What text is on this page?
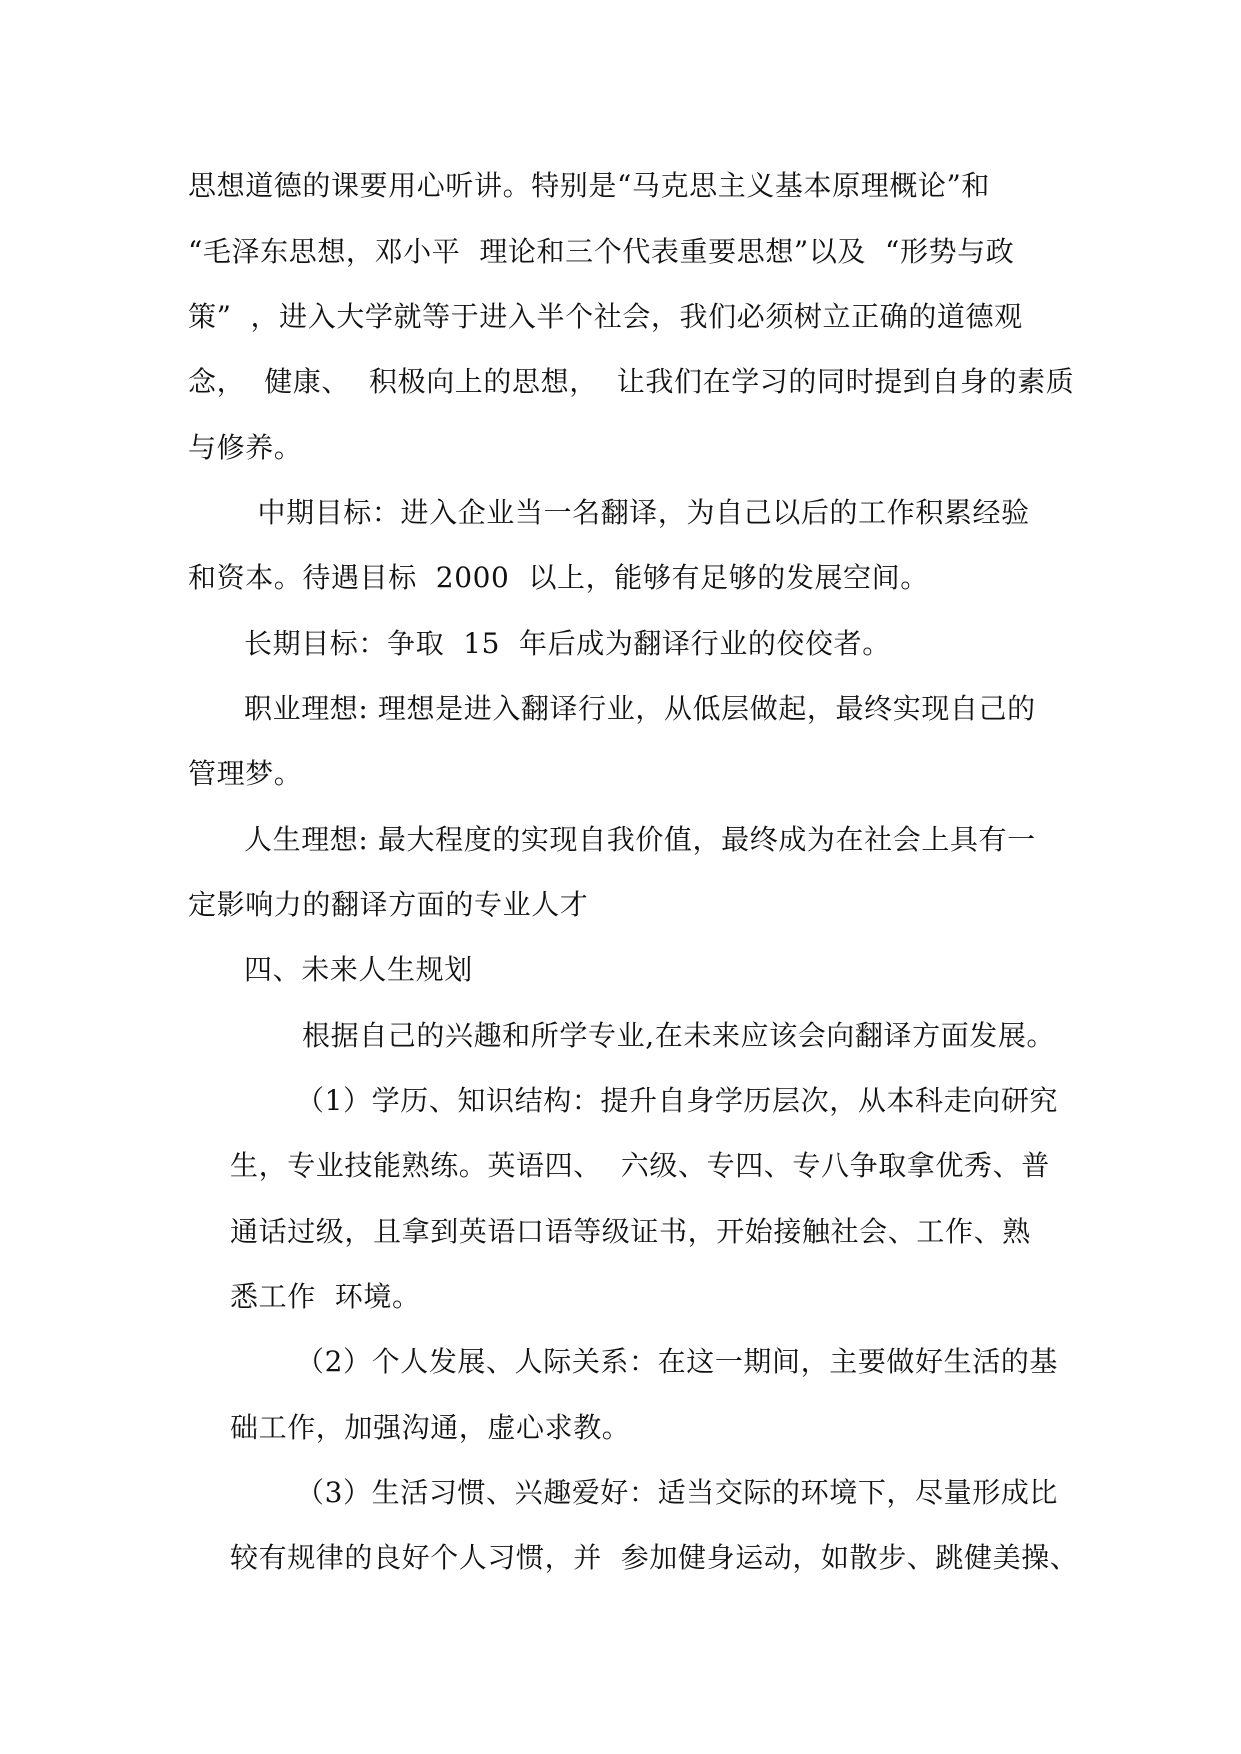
思想道德的课要用心听讲。特别是“马克思主义基本原理概论”和
“毛泽东思想，邓小平  理论和三个代表重要思想”以及  “形势与政
策”  ，进入大学就等于进入半个社会，我们必须树立正确的道德观
念，  健康、  积极向上的思想，  让我们在学习的同时提到自身的素质
与修养。
中期目标：进入企业当一名翻译，为自己以后的工作积累经验
和资本。待遇目标  2000  以上，能够有足够的发展空间。
长期目标：争取  15  年后成为翻译行业的佼佼者。
职业理想: 理想是进入翻译行业，从低层做起，最终实现自己的
管理梦。
人生理想: 最大程度的实现自我价值，最终成为在社会上具有一
定影响力的翻译方面的专业人才
四、未来人生规划
根据自己的兴趣和所学专业,在未来应该会向翻译方面发展。
（1）学历、知识结构：提升自身学历层次，从本科走向研究
生，专业技能熟练。英语四、  六级、专四、专八争取拿优秀、普
通话过级，且拿到英语口语等级证书，开始接触社会、工作、熟
悉工作  环境。
（2）个人发展、人际关系：在这一期间，主要做好生活的基
础工作，加强沟通，虚心求教。
（3）生活习惯、兴趣爱好：适当交际的环境下，尽量形成比
较有规律的良好个人习惯，并  参加健身运动，如散步、跳健美操、
